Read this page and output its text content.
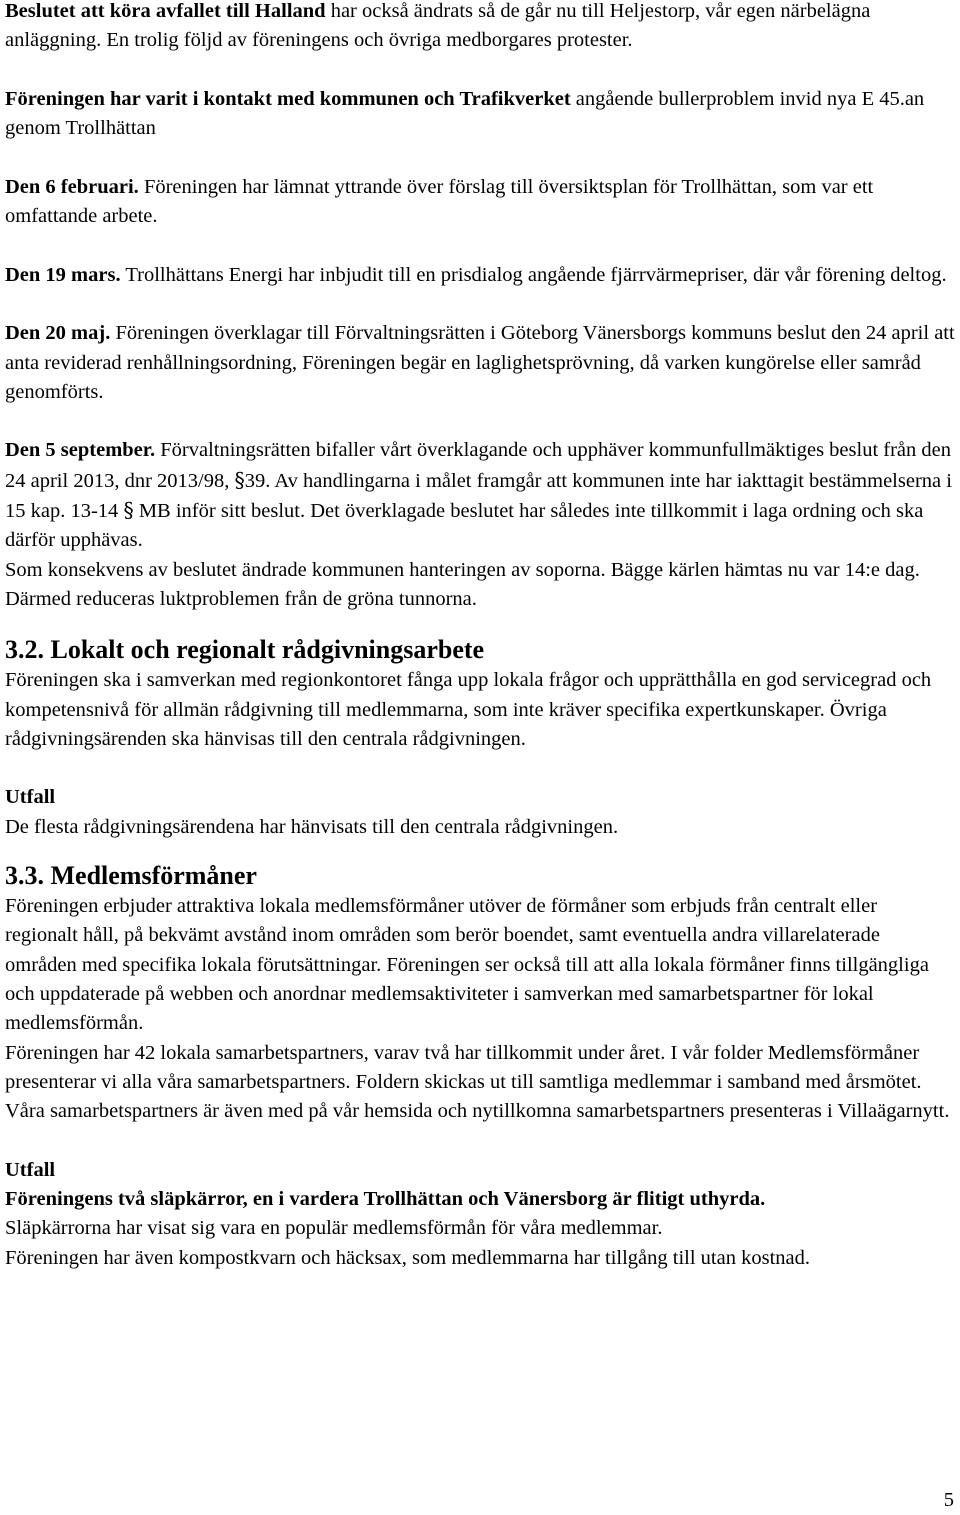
Beslutet att köra avfallet till Halland har också ändrats så de går nu till Heljestorp, vår egen närbelägna anläggning. En trolig följd av föreningens och övriga medborgares protester.

Föreningen har varit i kontakt med kommunen och Trafikverket angående bullerproblem invid nya E 45.an genom Trollhättan

Den 6 februari. Föreningen har lämnat yttrande över förslag till översiktsplan för Trollhättan, som var ett omfattande arbete.

Den 19 mars. Trollhättans Energi har inbjudit till en prisdialog angående fjärrvärmepriser, där vår förening deltog.

Den 20 maj. Föreningen överklagar till Förvaltningsrätten i Göteborg Vänersborgs kommuns beslut den 24 april att anta reviderad renhållningsordning, Föreningen begär en laglighetsprövning, då varken kungörelse eller samråd genomförts.

Den 5 september. Förvaltningsrätten bifaller vårt överklagande och upphäver kommunfullmäktiges beslut från den 24 april 2013, dnr 2013/98, §39. Av handlingarna i målet framgår att kommunen inte har iakttagit bestämmelserna i 15 kap. 13-14 § MB inför sitt beslut. Det överklagade beslutet har således inte tillkommit i laga ordning och ska därför upphävas.

Som konsekvens av beslutet ändrade kommunen hanteringen av soporna. Bägge kärlen hämtas nu var 14:e dag. Därmed reduceras luktproblemen från de gröna tunnorna.

3.2. Lokalt och regionalt rådgivningsarbete

Föreningen ska i samverkan med regionkontoret fånga upp lokala frågor och upprätthålla en god servicegrad och kompetensnivå för allmän rådgivning till medlemmarna, som inte kräver specifika expertkunskaper. Övriga rådgivningsärenden ska hänvisas till den centrala rådgivningen.

Utfall

De flesta rådgivningsärendena har hänvisats till den centrala rådgivningen.

3.3. Medlemsförmåner

Föreningen erbjuder attraktiva lokala medlemsförmåner utöver de förmåner som erbjuds från centralt eller regionalt håll, på bekvämt avstånd inom områden som berör boendet, samt eventuella andra villarelaterade områden med specifika lokala förutsättningar. Föreningen ser också till att alla lokala förmåner finns tillgängliga och uppdaterade på webben och anordnar medlemsaktiviteter i samverkan med samarbetspartner för lokal medlemsförmån.

Föreningen har 42 lokala samarbetspartners, varav två har tillkommit under året. I vår folder Medlemsförmåner presenterar vi alla våra samarbetspartners. Foldern skickas ut till samtliga medlemmar i samband med årsmötet. Våra samarbetspartners är även med på vår hemsida och nytillkomna samarbetspartners presenteras i Villaägarnytt.

Utfall

Föreningens två släpkärror, en i vardera Trollhättan och Vänersborg är flitigt uthyrda.

Släpkärrorna har visat sig vara en populär medlemsförmån för våra medlemmar.

Föreningen har även kompostkvarn och häcksax, som medlemmarna har tillgång till utan kostnad.

5
